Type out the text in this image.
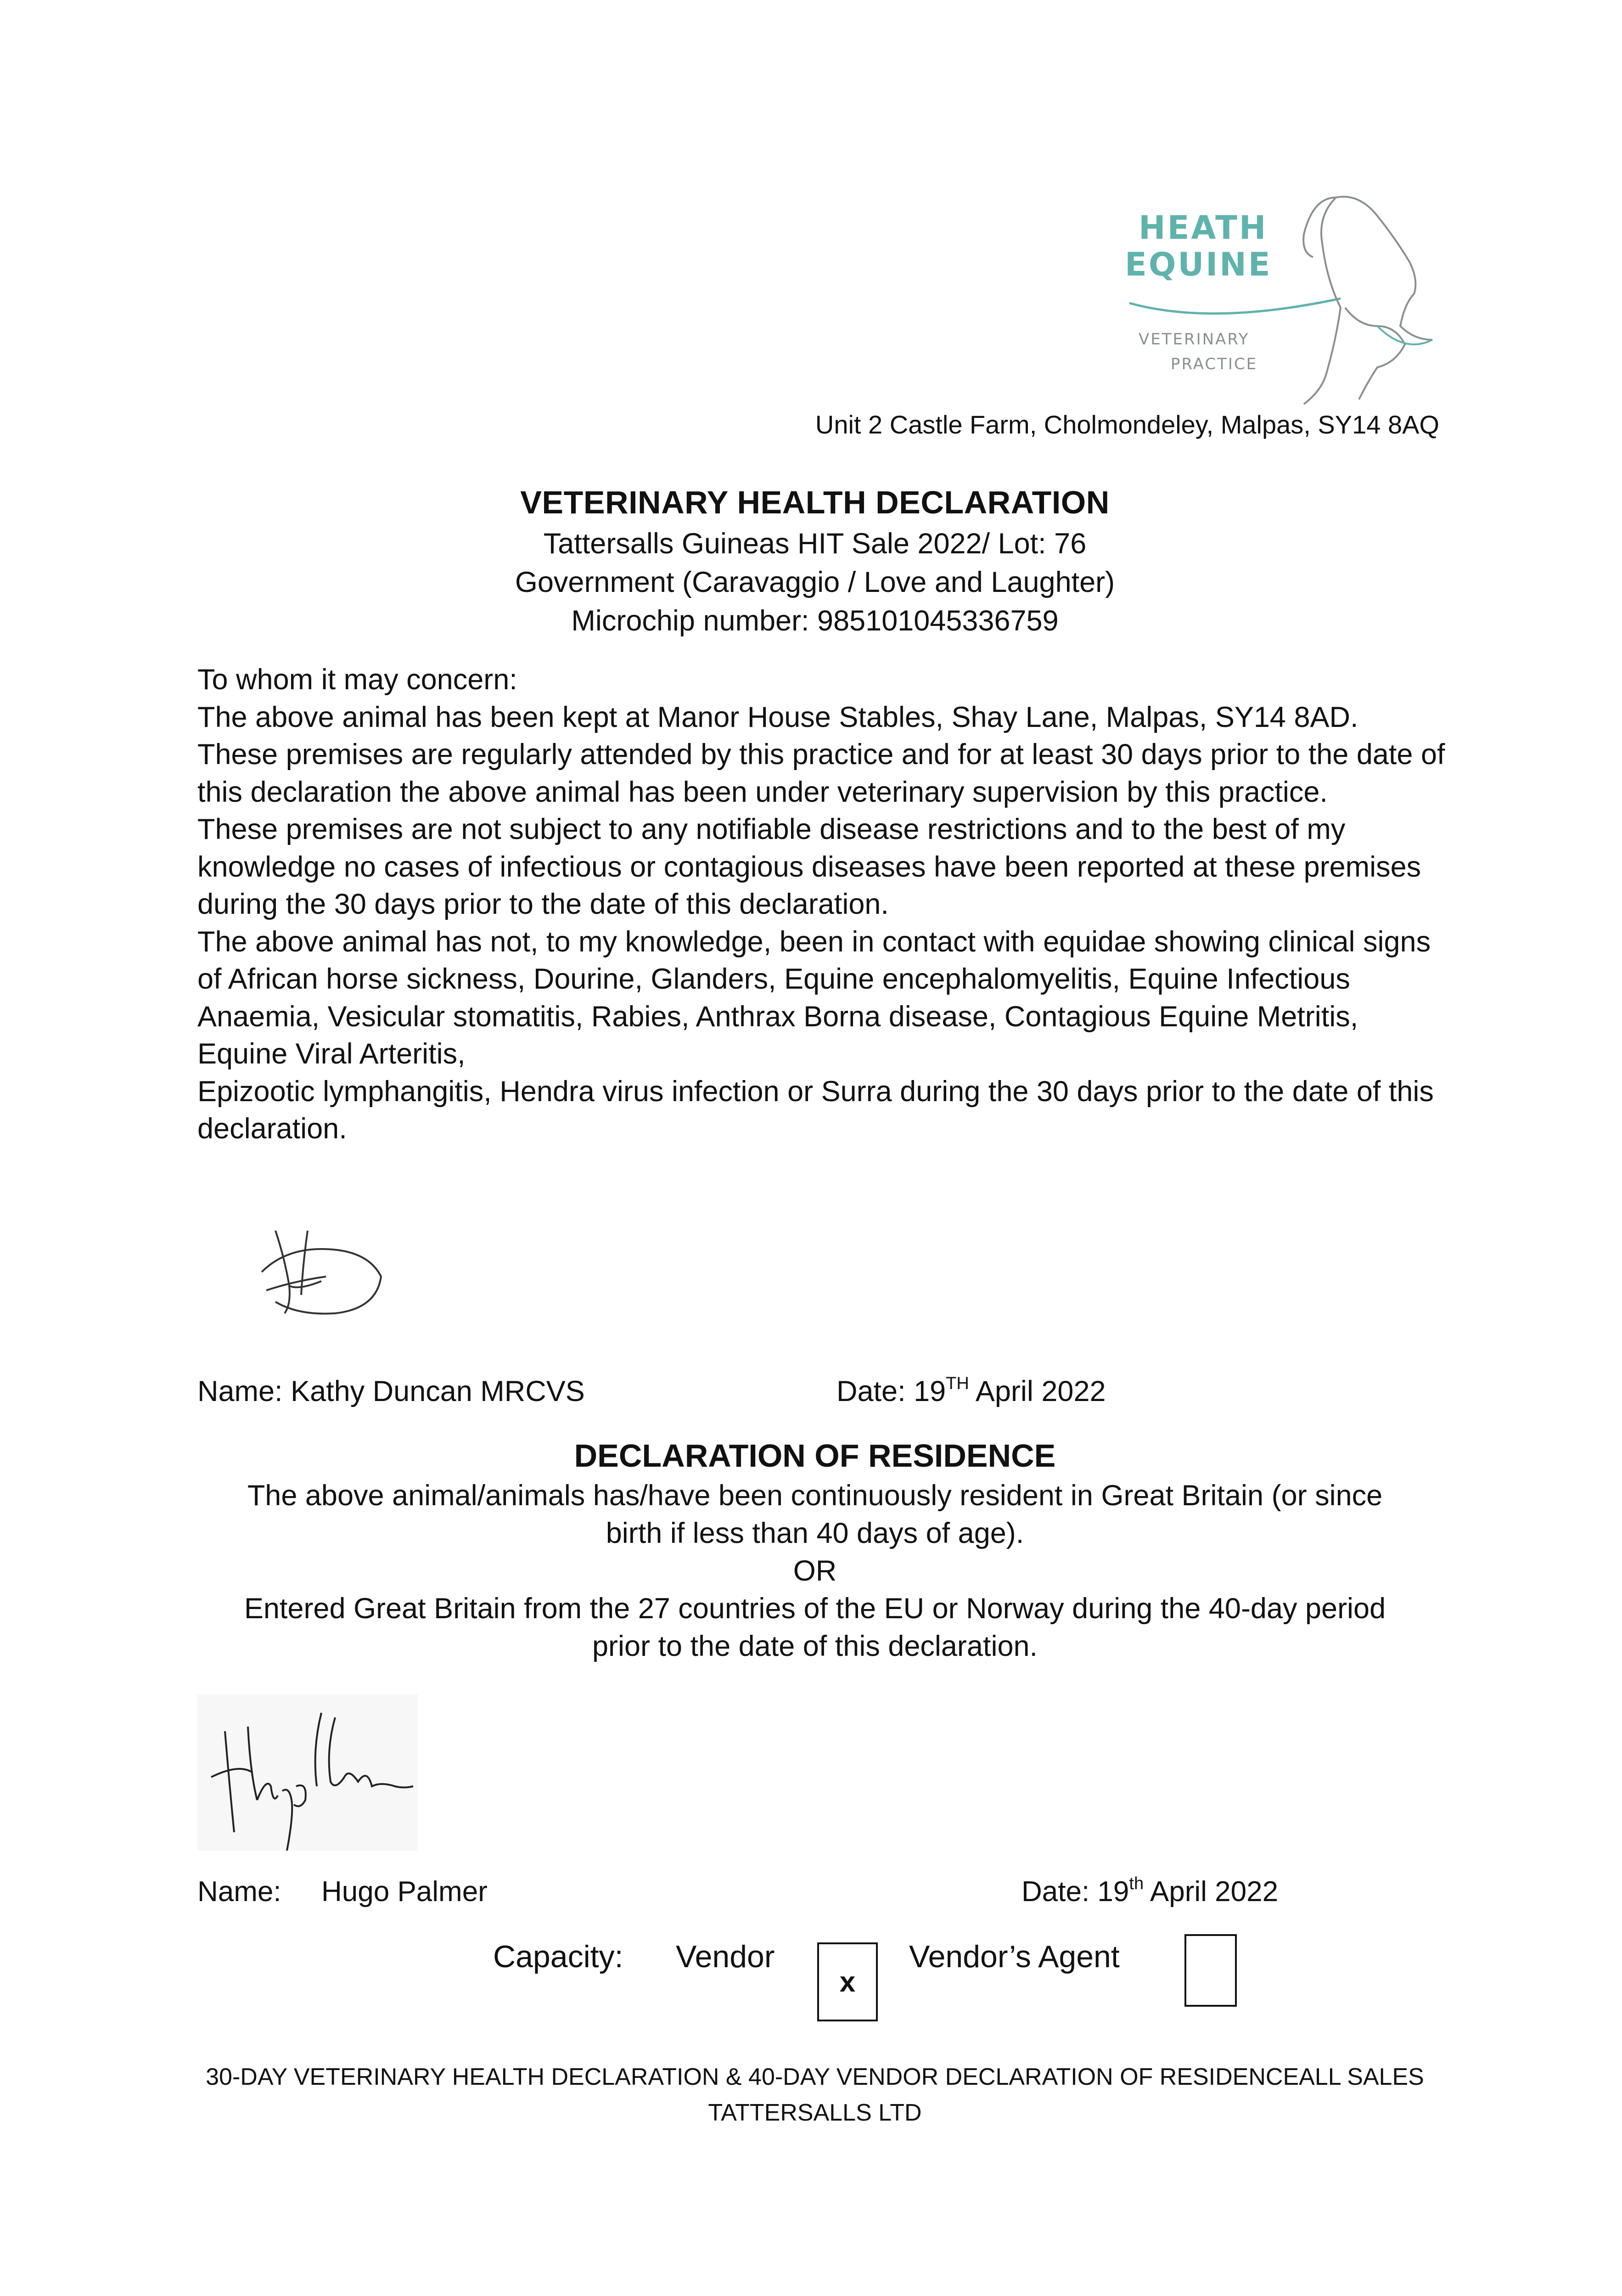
HEATH
EQUINE
VETERINARY
PRACTICE
Unit 2 Castle Farm, Cholmondeley, Malpas, SY14 8AQ
VETERINARY HEALTH DECLARATION
Tattersalls Guineas HIT Sale 2022/ Lot: 76
Government (Caravaggio / Love and Laughter)
Microchip number: 985101045336759

To whom it may concern:

The above animal has been kept at Manor House Stables, Shay Lane, Malpas, SY14 8AD.

These premises are regularly attended by this practice and for at least 30 days prior to the date of this declaration the above animal has been under veterinary supervision by this practice.

These premises are not subject to any notifiable disease restrictions and to the best of my knowledge no cases of infectious or contagious diseases have been reported at these premises during the 30 days prior to the date of this declaration.

The above animal has not, to my knowledge, been in contact with equidae showing clinical signs of African horse sickness, Dourine, Glanders, Equine encephalomyelitis, Equine Infectious Anaemia, Vesicular stomatitis, Rabies, Anthrax Borna disease, Contagious Equine Metritis, Equine Viral Arteritis,

Epizootic lymphangitis, Hendra virus infection or Surra during the 30 days prior to the date of this declaration.

Name: Kathy Duncan MRCVS	Date: 19TH April 2022
DECLARATION OF RESIDENCE
The above animal/animals has/have been continuously resident in Great Britain (or since
birth if less than 40 days of age).
OR
Entered Great Britain from the 27 countries of the EU or Norway during the 40-day period
prior to the date of this declaration.
Name: Hugo Palmer	Date: 19th April 2022
Capacity: Vendor
x
Vendor’s Agent
30-DAY VETERINARY HEALTH DECLARATION & 40-DAY VENDOR DECLARATION OF RESIDENCEALL SALES
TATTERSALLS LTD
